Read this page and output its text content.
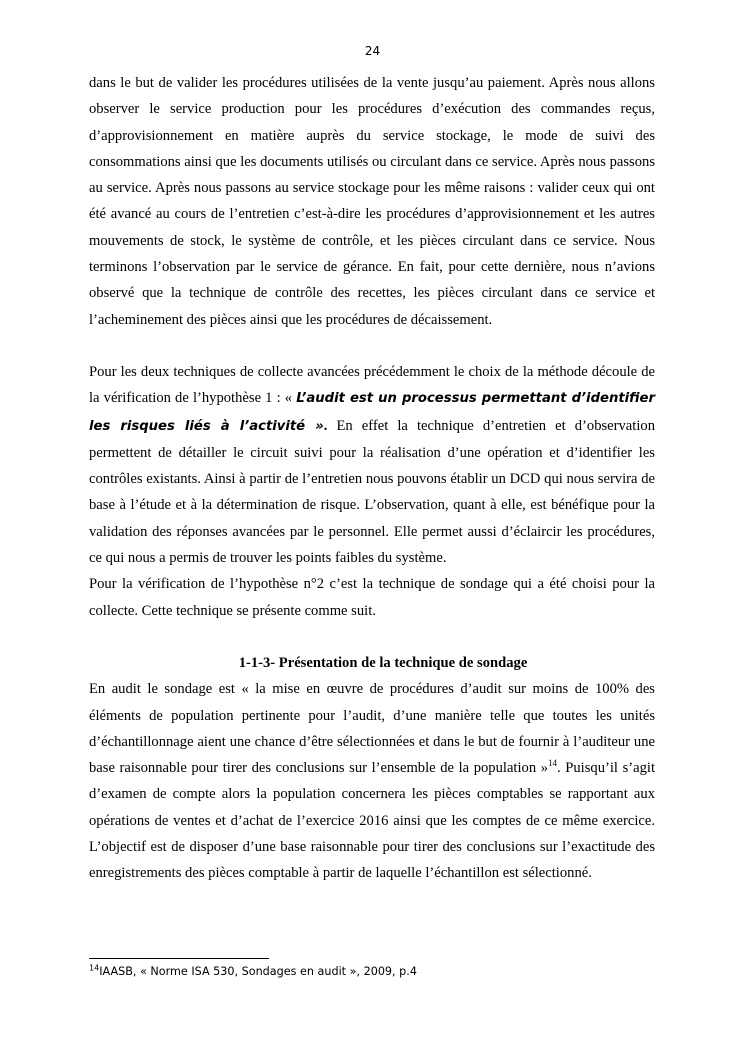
24

dans le but de valider les procédures utilisées de la vente jusqu’au paiement. Après nous allons observer le service production pour les procédures d’exécution des commandes reçus, d’approvisionnement en matière auprès du service stockage, le mode de suivi des consommations ainsi que les documents utilisés ou circulant dans ce service. Après nous passons au service. Après nous passons au service stockage pour les même raisons : valider ceux qui ont été avancé au cours de l’entretien c’est-à-dire les procédures d’approvisionnement et les autres mouvements de stock, le système de contrôle, et les pièces circulant dans ce service. Nous terminons l’observation par le service de gérance. En fait, pour cette dernière, nous n’avions observé que la technique de contrôle des recettes, les pièces circulant dans ce service et l’acheminement des pièces ainsi que les procédures de décaissement.

Pour les deux techniques de collecte avancées précédemment le choix de la méthode découle de la vérification de l’hypothèse 1 : « L’audit est un processus permettant d’identifier les risques liés à l’activité ». En effet la technique d’entretien et d’observation permettent de détailler le circuit suivi pour la réalisation d’une opération et d’identifier les contrôles existants. Ainsi à partir de l’entretien nous pouvons établir un DCD qui nous servira de base à l’étude et à la détermination de risque. L’observation, quant à elle, est bénéfique pour la validation des réponses avancées par le personnel. Elle permet aussi d’éclaircir les procédures, ce qui nous a permis de trouver les points faibles du système.

Pour la vérification de l’hypothèse n°2 c’est la technique de sondage qui a été choisi pour la collecte. Cette technique se présente comme suit.

1-1-3- Présentation de la technique de sondage

En audit le sondage est « la mise en œuvre de procédures d’audit sur moins de 100% des éléments de population pertinente pour l’audit, d’une manière telle que toutes les unités d’échantillonnage aient une chance d’être sélectionnées et dans le but de fournir à l’auditeur une base raisonnable pour tirer des conclusions sur l’ensemble de la population »$^{14}$. Puisqu’il s’agit d’examen de compte alors la population concernera les pièces comptables se rapportant aux opérations de ventes et d’achat de l’exercice 2016 ainsi que les comptes de ce même exercice. L’objectif est de disposer d’une base raisonnable pour tirer des conclusions sur l’exactitude des enregistrements des pièces comptable à partir de laquelle l’échantillon est sélectionné.

$^{14}$IAASB, « Norme ISA 530, Sondages en audit », 2009, p.4
